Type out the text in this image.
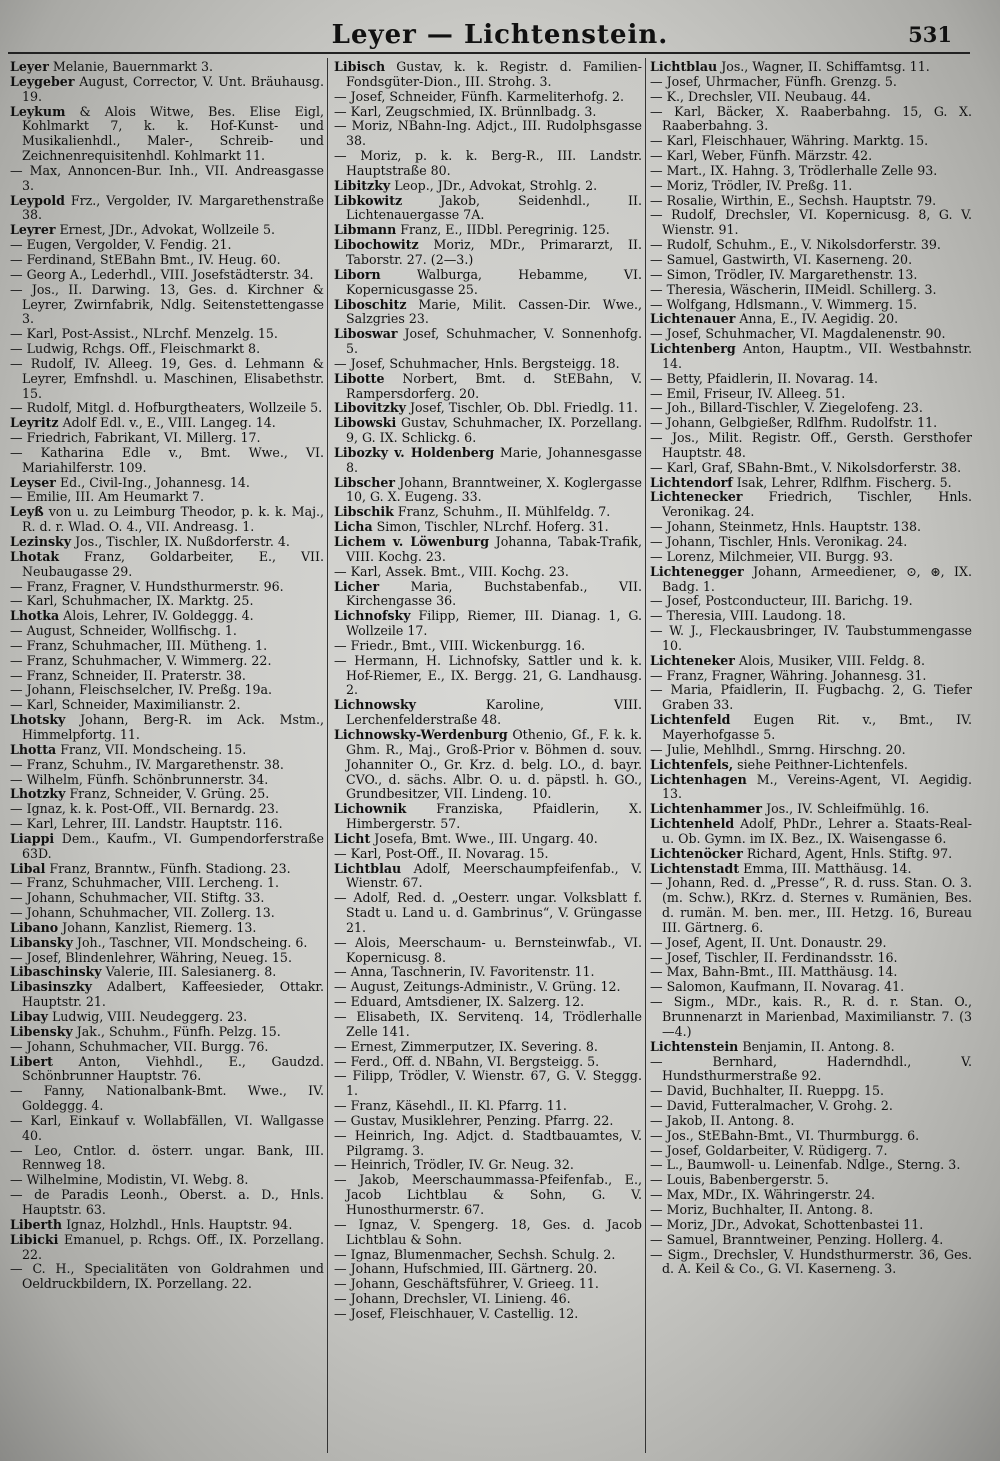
Leyer — Lichtenstein.	531

Leyer Melanie, Bauernmarkt 3.

Leygeber August, Corrector, V. Unt. Bräuhausg. 19.

Leykum & Alois Witwe, Bes. Elise Eigl, Kohlmarkt 7, k. k. Hof-Kunst- und Musikalienhdl., Maler-, Schreib- und Zeichnenrequisitenhdl. Kohlmarkt 11.

— Max, Annoncen-Bur. Inh., VII. Andreasgasse 3.

Leypold Frz., Vergolder, IV. Margarethenstraße 38.

Leyrer Ernest, JDr., Advokat, Wollzeile 5.

— Eugen, Vergolder, V. Fendig. 21.

— Ferdinand, StEBahn Bmt., IV. Heug. 60.

— Georg A., Lederhdl., VIII. Josefstädterstr. 34.

— Jos., II. Darwing. 13, Ges. d. Kirchner & Leyrer, Zwirnfabrik, Ndlg. Seitenstettengasse 3.

— Karl, Post-Assist., NLrchf. Menzelg. 15.

— Ludwig, Rchgs. Off., Fleischmarkt 8.

— Rudolf, IV. Alleeg. 19, Ges. d. Lehmann & Leyrer, Emfnshdl. u. Maschinen, Elisabethstr. 15.

— Rudolf, Mitgl. d. Hofburgtheaters, Wollzeile 5.

Leyritz Adolf Edl. v., E., VIII. Langeg. 14.

— Friedrich, Fabrikant, VI. Millerg. 17.

— Katharina Edle v., Bmt. Wwe., VI. Mariahilferstr. 109.

Leyser Ed., Civil-Ing., Johannesg. 14.

— Emilie, III. Am Heumarkt 7.

Leyß von u. zu Leimburg Theodor, p. k. k. Maj., R. d. r. Wlad. O. 4., VII. Andreasg. 1.

Lezinsky Jos., Tischler, IX. Nußdorferstr. 4.

Lhotak Franz, Goldarbeiter, E., VII. Neubaugasse 29.

— Franz, Fragner, V. Hundsthurmerstr. 96.

— Karl, Schuhmacher, IX. Marktg. 25.

Lhotka Alois, Lehrer, IV. Goldeggg. 4.

— August, Schneider, Wollfischg. 1.

— Franz, Schuhmacher, III. Mütheng. 1.

— Franz, Schuhmacher, V. Wimmerg. 22.

— Franz, Schneider, II. Praterstr. 38.

— Johann, Fleischselcher, IV. Preßg. 19a.

— Karl, Schneider, Maximilianstr. 2.

Lhotsky Johann, Berg-R. im Ack. Mstm., Himmelpfortg. 11.

Lhotta Franz, VII. Mondscheing. 15.

— Franz, Schuhm., IV. Margarethenstr. 38.

— Wilhelm, Fünfh. Schönbrunnerstr. 34.

Lhotzky Franz, Schneider, V. Grüng. 25.

— Ignaz, k. k. Post-Off., VII. Bernardg. 23.

— Karl, Lehrer, III. Landstr. Hauptstr. 116.

Liappi Dem., Kaufm., VI. Gumpendorferstraße 63D.

Libal Franz, Branntw., Fünfh. Stadiong. 23.

— Franz, Schuhmacher, VIII. Lercheng. 1.

— Johann, Schuhmacher, VII. Stiftg. 33.

— Johann, Schuhmacher, VII. Zollerg. 13.

Libano Johann, Kanzlist, Riemerg. 13.

Libansky Joh., Taschner, VII. Mondscheing. 6.

— Josef, Blindenlehrer, Währing, Neueg. 15.

Libaschinsky Valerie, III. Salesianerg. 8.

Libasinszky Adalbert, Kaffeesieder, Ottakr. Hauptstr. 21.

Libay Ludwig, VIII. Neudeggerg. 23.

Libensky Jak., Schuhm., Fünfh. Pelzg. 15.

— Johann, Schuhmacher, VII. Burgg. 76.

Libert Anton, Viehhdl., E., Gaudzd. Schönbrunner Hauptstr. 76.

— Fanny, Nationalbank-Bmt. Wwe., IV. Goldeggg. 4.

— Karl, Einkauf v. Wollabfällen, VI. Wallgasse 40.

— Leo, Cntlor. d. österr. ungar. Bank, III. Rennweg 18.

— Wilhelmine, Modistin, VI. Webg. 8.

— de Paradis Leonh., Oberst. a. D., Hnls. Hauptstr. 63.

Liberth Ignaz, Holzhdl., Hnls. Hauptstr. 94.

Libicki Emanuel, p. Rchgs. Off., IX. Porzellang. 22.

— C. H., Specialitäten von Goldrahmen und Oeldruckbildern, IX. Porzellang. 22.

Libisch Gustav, k. k. Registr. d. Familien-Fondsgüter-Dion., III. Strohg. 3.

— Josef, Schneider, Fünfh. Karmeliterhofg. 2.

— Karl, Zeugschmied, IX. Brünnlbadg. 3.

— Moriz, NBahn-Ing. Adjct., III. Rudolphsgasse 38.

— Moriz, p. k. k. Berg-R., III. Landstr. Hauptstraße 80.

Libitzky Leop., JDr., Advokat, Strohlg. 2.

Libkowitz Jakob, Seidenhdl., II. Lichtenauergasse 7A.

Libmann Franz, E., IIDbl. Peregrinig. 125.

Libochowitz Moriz, MDr., Primararzt, II. Taborstr. 27. (2—3.)

Liborn Walburga, Hebamme, VI. Kopernicusgasse 25.

Liboschitz Marie, Milit. Cassen-Dir. Wwe., Salzgries 23.

Liboswar Josef, Schuhmacher, V. Sonnenhofg. 5.

— Josef, Schuhmacher, Hnls. Bergsteigg. 18.

Libotte Norbert, Bmt. d. StEBahn, V. Rampersdorferg. 20.

Libovitzky Josef, Tischler, Ob. Dbl. Friedlg. 11.

Libowski Gustav, Schuhmacher, IX. Porzellang. 9, G. IX. Schlickg. 6.

Libozky v. Holdenberg Marie, Johannesgasse 8.

Libscher Johann, Branntweiner, X. Koglergasse 10, G. X. Eugeng. 33.

Libschik Franz, Schuhm., II. Mühlfeldg. 7.

Licha Simon, Tischler, NLrchf. Hoferg. 31.

Lichem v. Löwenburg Johanna, Tabak-Trafik, VIII. Kochg. 23.

— Karl, Assek. Bmt., VIII. Kochg. 23.

Licher Maria, Buchstabenfab., VII. Kirchengasse 36.

Lichnofsky Filipp, Riemer, III. Dianag. 1, G. Wollzeile 17.

— Friedr., Bmt., VIII. Wickenburgg. 16.

— Hermann, H. Lichnofsky, Sattler und k. k. Hof-Riemer, E., IX. Bergg. 21, G. Landhausg. 2.

Lichnowsky Karoline, VIII. Lerchenfelderstraße 48.

Lichnowsky-Werdenburg Othenio, Gf., F. k. k. Ghm. R., Maj., Groß-Prior v. Böhmen d. souv. Johanniter O., Gr. Krz. d. belg. LO., d. bayr. CVO., d. sächs. Albr. O. u. d. päpstl. h. GO., Grundbesitzer, VII. Lindeng. 10.

Lichownik Franziska, Pfaidlerin, X. Himbergerstr. 57.

Licht Josefa, Bmt. Wwe., III. Ungarg. 40.

— Karl, Post-Off., II. Novarag. 15.

Lichtblau Adolf, Meerschaumpfeifenfab., V. Wienstr. 67.

— Adolf, Red. d. „Oesterr. ungar. Volksblatt f. Stadt u. Land u. d. Gambrinus“, V. Grüngasse 21.

— Alois, Meerschaum- u. Bernsteinwfab., VI. Kopernicusg. 8.

— Anna, Taschnerin, IV. Favoritenstr. 11.

— August, Zeitungs-Administr., V. Grüng. 12.

— Eduard, Amtsdiener, IX. Salzerg. 12.

— Elisabeth, IX. Servitenq. 14, Trödlerhalle Zelle 141.

— Ernest, Zimmerputzer, IX. Severing. 8.

— Ferd., Off. d. NBahn, VI. Bergsteigg. 5.

— Filipp, Trödler, V. Wienstr. 67, G. V. Steggg. 1.

— Franz, Käsehdl., II. Kl. Pfarrg. 11.

— Gustav, Musiklehrer, Penzing. Pfarrg. 22.

— Heinrich, Ing. Adjct. d. Stadtbauamtes, V. Pilgramg. 3.

— Heinrich, Trödler, IV. Gr. Neug. 32.

— Jakob, Meerschaummassa-Pfeifenfab., E., Jacob Lichtblau & Sohn, G. V. Hunosthurmerstr. 67.

— Ignaz, V. Spengerg. 18, Ges. d. Jacob Lichtblau & Sohn.

— Ignaz, Blumenmacher, Sechsh. Schulg. 2.

— Johann, Hufschmied, III. Gärtnerg. 20.

— Johann, Geschäftsführer, V. Grieeg. 11.

— Johann, Drechsler, VI. Linieng. 46.

— Josef, Fleischhauer, V. Castellig. 12.

Lichtblau Jos., Wagner, II. Schiffamtsg. 11.

— Josef, Uhrmacher, Fünfh. Grenzg. 5.

— K., Drechsler, VII. Neubaug. 44.

— Karl, Bäcker, X. Raaberbahng. 15, G. X. Raaberbahng. 3.

— Karl, Fleischhauer, Währing. Marktg. 15.

— Karl, Weber, Fünfh. Märzstr. 42.

— Mart., IX. Hahng. 3, Trödlerhalle Zelle 93.

— Moriz, Trödler, IV. Preßg. 11.

— Rosalie, Wirthin, E., Sechsh. Hauptstr. 79.

— Rudolf, Drechsler, VI. Kopernicusg. 8, G. V. Wienstr. 91.

— Rudolf, Schuhm., E., V. Nikolsdorferstr. 39.

— Samuel, Gastwirth, VI. Kaserneng. 20.

— Simon, Trödler, IV. Margarethenstr. 13.

— Theresia, Wäscherin, IIMeidl. Schillerg. 3.

— Wolfgang, Hdlsmann., V. Wimmerg. 15.

Lichtenauer Anna, E., IV. Aegidig. 20.

— Josef, Schuhmacher, VI. Magdalenenstr. 90.

Lichtenberg Anton, Hauptm., VII. Westbahnstr. 14.

— Betty, Pfaidlerin, II. Novarag. 14.

— Emil, Friseur, IV. Alleeg. 51.

— Joh., Billard-Tischler, V. Ziegelofeng. 23.

— Johann, Gelbgießer, Rdlfhm. Rudolfstr. 11.

— Jos., Milit. Registr. Off., Gersth. Gersthofer Hauptstr. 48.

— Karl, Graf, SBahn-Bmt., V. Nikolsdorferstr. 38.

Lichtendorf Isak, Lehrer, Rdlfhm. Fischerg. 5.

Lichtenecker Friedrich, Tischler, Hnls. Veronikag. 24.

— Johann, Steinmetz, Hnls. Hauptstr. 138.

— Johann, Tischler, Hnls. Veronikag. 24.

— Lorenz, Milchmeier, VII. Burgg. 93.

Lichtenegger Johann, Armeediener, ⊙, ⊛, IX. Badg. 1.

— Josef, Postconducteur, III. Barichg. 19.

— Theresia, VIII. Laudong. 18.

— W. J., Fleckausbringer, IV. Taubstummengasse 10.

Lichteneker Alois, Musiker, VIII. Feldg. 8.

— Franz, Fragner, Währing. Johannesg. 31.

— Maria, Pfaidlerin, II. Fugbachg. 2, G. Tiefer Graben 33.

Lichtenfeld Eugen Rit. v., Bmt., IV. Mayerhofgasse 5.

— Julie, Mehlhdl., Smrng. Hirschng. 20.

Lichtenfels, siehe Peithner-Lichtenfels.

Lichtenhagen M., Vereins-Agent, VI. Aegidig. 13.

Lichtenhammer Jos., IV. Schleifmühlg. 16.

Lichtenheld Adolf, PhDr., Lehrer a. Staats-Real- u. Ob. Gymn. im IX. Bez., IX. Waisengasse 6.

Lichtenöcker Richard, Agent, Hnls. Stiftg. 97.

Lichtenstadt Emma, III. Matthäusg. 14.

— Johann, Red. d. „Presse“, R. d. russ. Stan. O. 3. (m. Schw.), RKrz. d. Sternes v. Rumänien, Bes. d. rumän. M. ben. mer., III. Hetzg. 16, Bureau III. Gärtnerg. 6.

— Josef, Agent, II. Unt. Donaustr. 29.

— Josef, Tischler, II. Ferdinandsstr. 16.

— Max, Bahn-Bmt., III. Matthäusg. 14.

— Salomon, Kaufmann, II. Novarag. 41.

— Sigm., MDr., kais. R., R. d. r. Stan. O., Brunnenarzt in Marienbad, Maximilianstr. 7. (3—4.)

Lichtenstein Benjamin, II. Antong. 8.

— Bernhard, Haderndhdl., V. Hundsthurmerstraße 92.

— David, Buchhalter, II. Rueppg. 15.

— David, Futteralmacher, V. Grohg. 2.

— Jakob, II. Antong. 8.

— Jos., StEBahn-Bmt., VI. Thurmburgg. 6.

— Josef, Goldarbeiter, V. Rüdigerg. 7.

— L., Baumwoll- u. Leinenfab. Ndlge., Sterng. 3.

— Louis, Babenbergerstr. 5.

— Max, MDr., IX. Währingerstr. 24.

— Moriz, Buchhalter, II. Antong. 8.

— Moriz, JDr., Advokat, Schottenbastei 11.

— Samuel, Branntweiner, Penzing. Hollerg. 4.

— Sigm., Drechsler, V. Hundsthurmerstr. 36, Ges. d. A. Keil & Co., G. VI. Kaserneng. 3.
